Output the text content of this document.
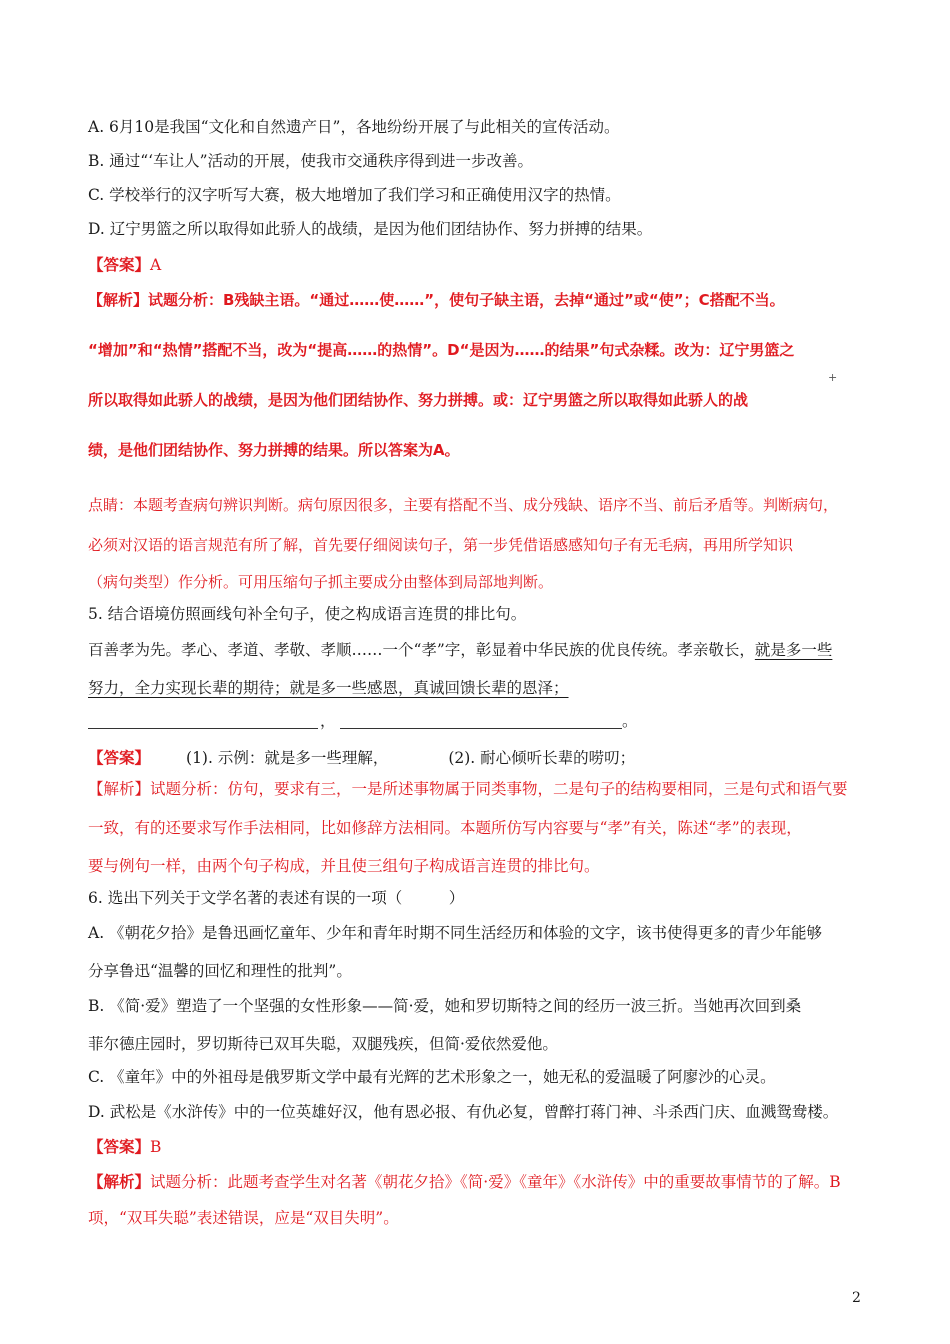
A. 6月10是我国“文化和自然遗产日”，各地纷纷开展了与此相关的宣传活动。
B. 通过“‘车让人”活动的开展，使我市交通秩序得到进一步改善。
C. 学校举行的汉字听写大赛，极大地增加了我们学习和正确使用汉字的热情。
D. 辽宁男篮之所以取得如此骄人的战绩，是因为他们团结协作、努力拼搏的结果。
【答案】A
【解析】试题分析：B残缺主语。“通过……使……”，使句子缺主语，去掉“通过”或“使”；C搭配不当。
“增加”和“热情”搭配不当，改为“提高……的热情”。D“是因为……的结果”句式杂糅。改为：辽宁男篮之
所以取得如此骄人的战绩，是因为他们团结协作、努力拼搏。或：辽宁男篮之所以取得如此骄人的战
绩，是他们团结协作、努力拼搏的结果。所以答案为A。
+
点睛：本题考查病句辨识判断。病句原因很多，主要有搭配不当、成分残缺、语序不当、前后矛盾等。判断病句，
必须对汉语的语言规范有所了解，首先要仔细阅读句子，第一步凭借语感感知句子有无毛病，再用所学知识
（病句类型）作分析。可用压缩句子抓主要成分由整体到局部地判断。
5. 结合语境仿照画线句补全句子，使之构成语言连贯的排比句。
百善孝为先。孝心、孝道、孝敬、孝顺……一个“孝”字，彰显着中华民族的优良传统。孝亲敬长，就是多一些
努力，全力实现长辈的期待；就是多一些感恩，真诚回馈长辈的恩泽；
，	。
【答案】 (1). 示例：就是多一些理解，	(2). 耐心倾听长辈的唠叨；
【解析】试题分析：仿句，要求有三，一是所述事物属于同类事物，二是句子的结构要相同，三是句式和语气要
一致，有的还要求写作手法相同，比如修辞方法相同。本题所仿写内容要与“孝”有关，陈述“孝”的表现，
要与例句一样，由两个句子构成，并且使三组句子构成语言连贯的排比句。
6. 选出下列关于文学名著的表述有误的一项（　　　）
A. 《朝花夕拾》是鲁迅画忆童年、少年和青年时期不同生活经历和体验的文字，该书使得更多的青少年能够
分享鲁迅“温馨的回忆和理性的批判”。
B. 《简·爱》塑造了一个坚强的女性形象——简·爱，她和罗切斯特之间的经历一波三折。当她再次回到桑
菲尔德庄园时，罗切斯待已双耳失聪，双腿残疾，但简·爱依然爱他。
C. 《童年》中的外祖母是俄罗斯文学中最有光辉的艺术形象之一，她无私的爱温暖了阿廖沙的心灵。
D. 武松是《水浒传》中的一位英雄好汉，他有恩必报、有仇必复，曾醉打蒋门神、斗杀西门庆、血溅鸳鸯楼。
【答案】B
【解析】试题分析：此题考查学生对名著《朝花夕拾》《简·爱》《童年》《水浒传》中的重要故事情节的了解。B
项，“双耳失聪”表述错误，应是“双目失明”。
2
